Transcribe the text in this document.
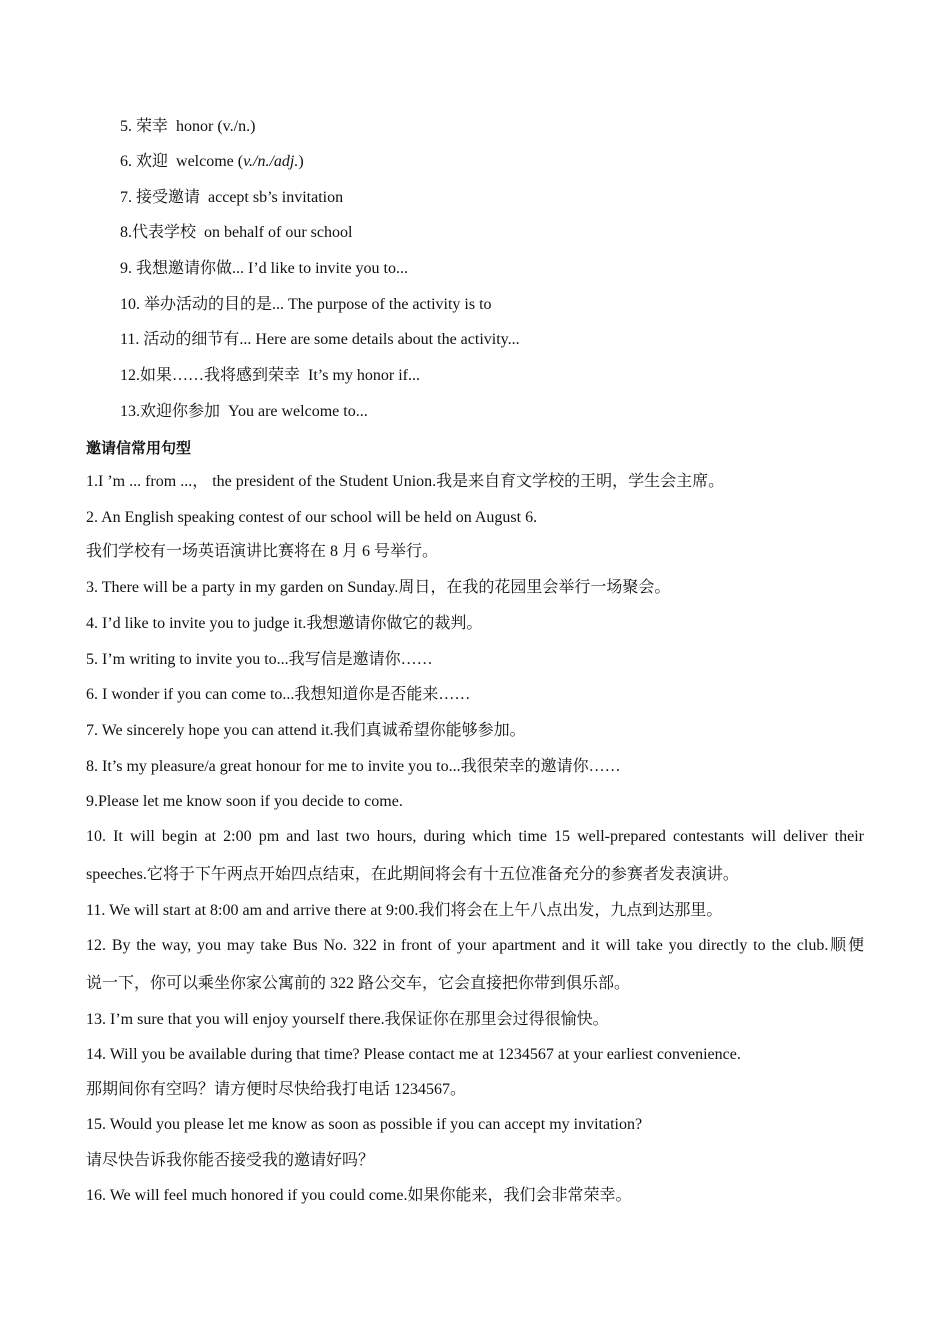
5. 荣幸 honor (v./n.)
6. 欢迎 welcome (v./n./adj.)
7. 接受邀请 accept sb’s invitation
8.代表学校 on behalf of our school
9. 我想邀请你做... I’d like to invite you to...
10. 举办活动的目的是... The purpose of the activity is to
11. 活动的细节有... Here are some details about the activity...
12.如果……我将感到荣幸 It’s my honor if...
13.欢迎你参加 You are welcome to...
邀请信常用句型
1.I ’m ... from ...， the president of the Student Union.我是来自育文学校的王明，学生会主席。
2. An English speaking contest of our school will be held on August 6.
我们学校有一场英语演讲比赛将在 8 月 6 号举行。
3. There will be a party in my garden on Sunday.周日，在我的花园里会举行一场聚会。
4. I’d like to invite you to judge it.我想邀请你做它的裁判。
5. I’m writing to invite you to...我写信是邀请你……
6. I wonder if you can come to...我想知道你是否能来……
7. We sincerely hope you can attend it.我们真诚希望你能够参加。
8. It’s my pleasure/a great honour for me to invite you to...我很荣幸的邀请你……
9.Please let me know soon if you decide to come.
10. It will begin at 2:00 pm and last two hours, during which time 15 well-prepared contestants will deliver their
speeches.它将于下午两点开始四点结束，在此期间将会有十五位准备充分的参赛者发表演讲。
11. We will start at 8:00 am and arrive there at 9:00.我们将会在上午八点出发，九点到达那里。
12. By the way, you may take Bus No. 322 in front of your apartment and it will take you directly to the club.顺便
说一下，你可以乘坐你家公寓前的 322 路公交车，它会直接把你带到俱乐部。
13. I’m sure that you will enjoy yourself there.我保证你在那里会过得很愉快。
14. Will you be available during that time? Please contact me at 1234567 at your earliest convenience.
那期间你有空吗？请方便时尽快给我打电话 1234567。
15. Would you please let me know as soon as possible if you can accept my invitation?
请尽快告诉我你能否接受我的邀请好吗？
16. We will feel much honored if you could come.如果你能来，我们会非常荣幸。
